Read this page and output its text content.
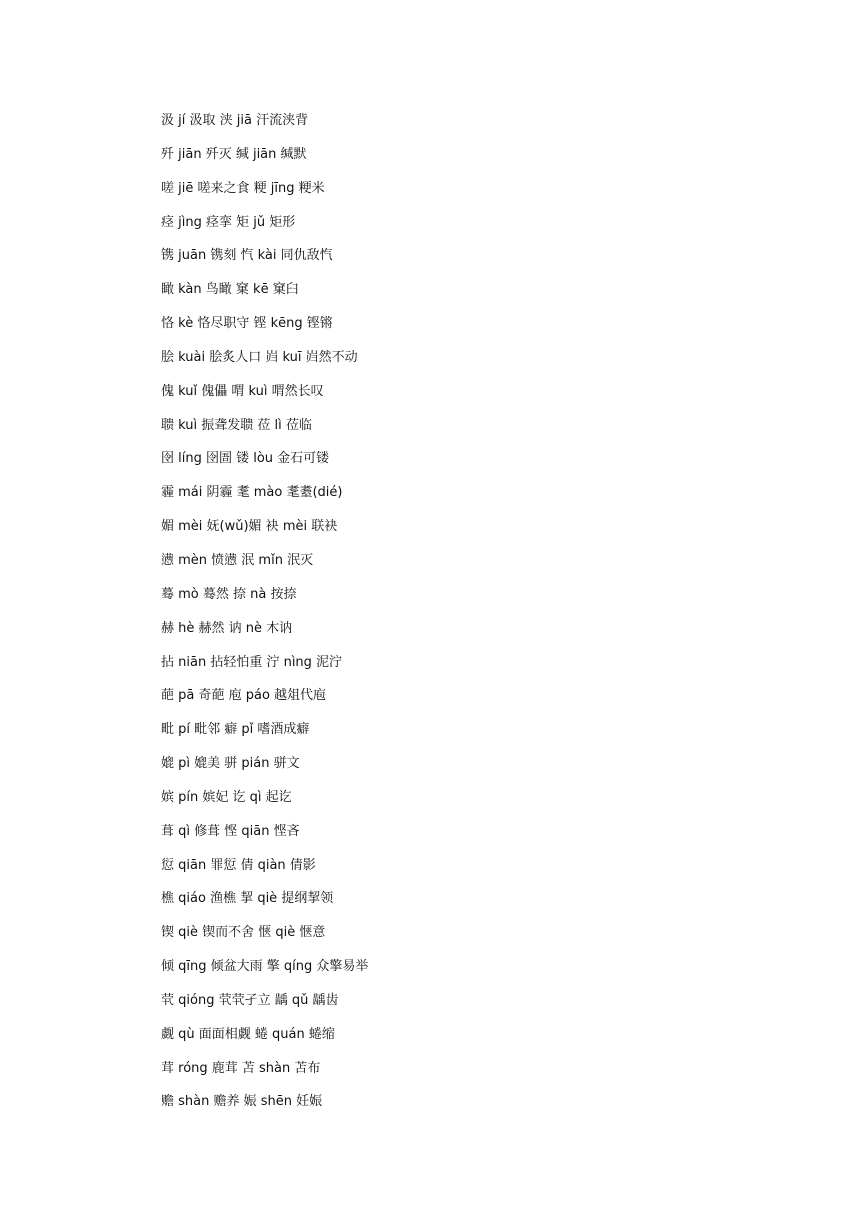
汲 jí 汲取 浃 jiā 汗流浃背
歼 jiān 歼灭 缄 jiān 缄默
嗟 jiē 嗟来之食 粳 jīng 粳米
痉 jìng 痉挛 矩 jǔ 矩形
镌 juān 镌刻 忾 kài 同仇敌忾
瞰 kàn 鸟瞰 窠 kē 窠臼
恪 kè 恪尽职守 铿 kēng 铿锵
脍 kuài 脍炙人口 岿 kuī 岿然不动
傀 kuǐ 傀儡 喟 kuì 喟然长叹
聩 kuì 振聋发聩 莅 lì 莅临
囹 líng 囹圄 镂 lòu 金石可镂
霾 mái 阴霾 耄 mào 耄耋(dié)
媚 mèi 妩(wǔ)媚 袂 mèi 联袂
懑 mèn 愤懑 泯 mǐn 泯灭
蓦 mò 蓦然 捺 nà 按捺
赫 hè 赫然 讷 nè 木讷
拈 niān 拈轻怕重 泞 nìng 泥泞
葩 pā 奇葩 庖 páo 越俎代庖
毗 pí 毗邻 癖 pǐ 嗜酒成癖
媲 pì 媲美 骈 pián 骈文
嫔 pín 嫔妃 讫 qì 起讫
葺 qì 修葺 悭 qiān 悭吝
愆 qiān 罪愆 倩 qiàn 倩影
樵 qiáo 渔樵 挈 qiè 提纲挈领
锲 qiè 锲而不舍 惬 qiè 惬意
倾 qīng 倾盆大雨 擎 qíng 众擎易举
茕 qióng 茕茕孑立 龋 qǔ 龋齿
觑 qù 面面相觑 蜷 quán 蜷缩
茸 róng 鹿茸 苫 shàn 苫布
赡 shàn 赡养 娠 shēn 妊娠
